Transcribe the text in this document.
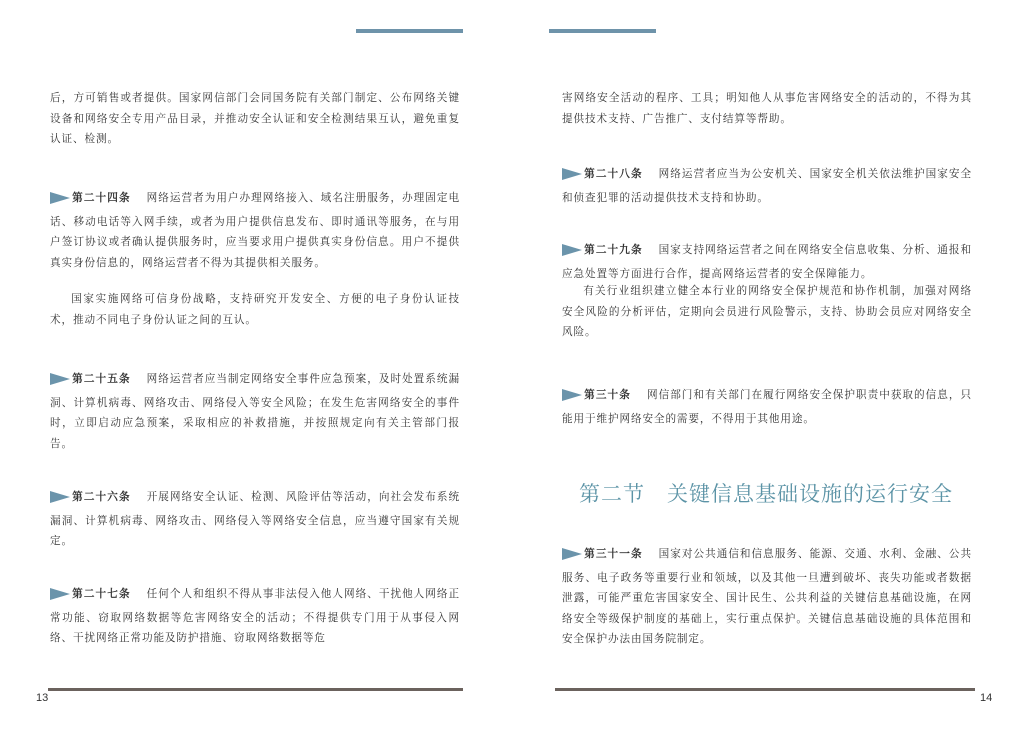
后，方可销售或者提供。国家网信部门会同国务院有关部门制定、公布网络关键设备和网络安全专用产品目录，并推动安全认证和安全检测结果互认，避免重复认证、检测。

第二十四条　 网络运营者为用户办理网络接入、域名注册服务，办理固定电话、移动电话等入网手续，或者为用户提供信息发布、即时通讯等服务，在与用户签订协议或者确认提供服务时，应当要求用户提供真实身份信息。用户不提供真实身份信息的，网络运营者不得为其提供相关服务。

国家实施网络可信身份战略，支持研究开发安全、方便的电子身份认证技术，推动不同电子身份认证之间的互认。

第二十五条　 网络运营者应当制定网络安全事件应急预案，及时处置系统漏洞、计算机病毒、网络攻击、网络侵入等安全风险；在发生危害网络安全的事件时，立即启动应急预案，采取相应的补救措施，并按照规定向有关主管部门报告。

第二十六条　 开展网络安全认证、检测、风险评估等活动，向社会发布系统漏洞、计算机病毒、网络攻击、网络侵入等网络安全信息，应当遵守国家有关规定。

第二十七条　 任何个人和组织不得从事非法侵入他人网络、干扰他人网络正常功能、窃取网络数据等危害网络安全的活动；不得提供专门用于从事侵入网络、干扰网络正常功能及防护措施、窃取网络数据等危

13

害网络安全活动的程序、工具；明知他人从事危害网络安全的活动的，不得为其提供技术支持、广告推广、支付结算等帮助。

第二十八条　 网络运营者应当为公安机关、国家安全机关依法维护国家安全和侦查犯罪的活动提供技术支持和协助。

第二十九条　 国家支持网络运营者之间在网络安全信息收集、分析、通报和应急处置等方面进行合作，提高网络运营者的安全保障能力。

有关行业组织建立健全本行业的网络安全保护规范和协作机制，加强对网络安全风险的分析评估，定期向会员进行风险警示，支持、协助会员应对网络安全风险。

第三十条　 网信部门和有关部门在履行网络安全保护职责中获取的信息，只能用于维护网络安全的需要，不得用于其他用途。

第二节　关键信息基础设施的运行安全

第三十一条　 国家对公共通信和信息服务、能源、交通、水利、金融、公共服务、电子政务等重要行业和领域，以及其他一旦遭到破坏、丧失功能或者数据泄露，可能严重危害国家安全、国计民生、公共利益的关键信息基础设施，在网络安全等级保护制度的基础上，实行重点保护。关键信息基础设施的具体范围和安全保护办法由国务院制定。

14
